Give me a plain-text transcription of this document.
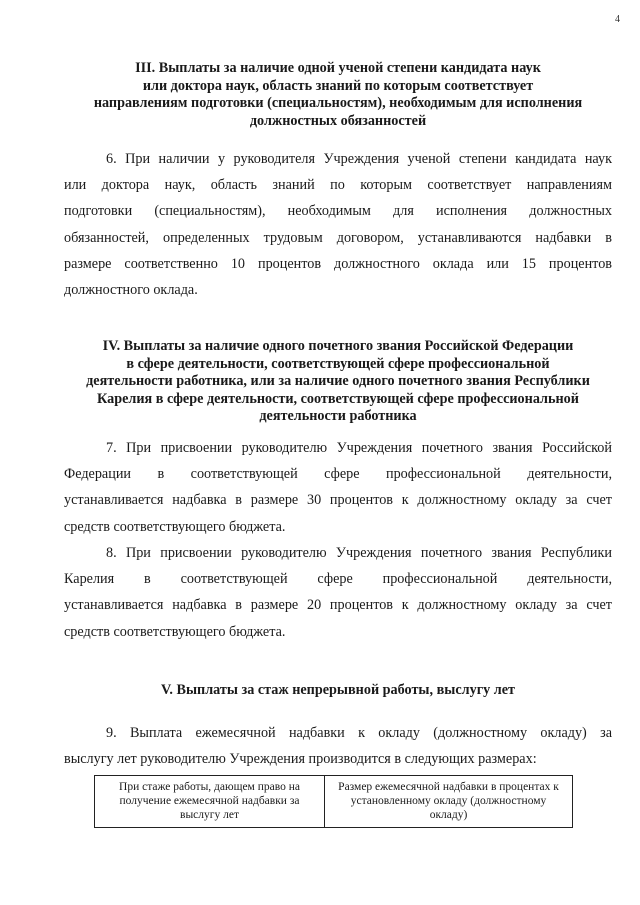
4
III. Выплаты за наличие одной ученой степени кандидата наук
или доктора наук, область знаний по которым соответствует
направлениям подготовки (специальностям), необходимым для исполнения
должностных обязанностей
6. При наличии у руководителя Учреждения ученой степени кандидата наук
или доктора наук, область знаний по которым соответствует направлениям
подготовки (специальностям), необходимым для исполнения должностных
обязанностей, определенных трудовым договором, устанавливаются надбавки в
размере соответственно 10 процентов должностного оклада или 15 процентов
должностного оклада.
IV. Выплаты за наличие одного почетного звания Российской Федерации
в сфере деятельности, соответствующей сфере профессиональной
деятельности работника, или за наличие одного почетного звания Республики
Карелия в сфере деятельности, соответствующей сфере профессиональной
деятельности работника
7. При присвоении руководителю Учреждения почетного звания Российской
Федерации в соответствующей сфере профессиональной деятельности,
устанавливается надбавка в размере 30 процентов к должностному окладу за счет
средств соответствующего бюджета.
8. При присвоении руководителю Учреждения почетного звания Республики
Карелия в соответствующей сфере профессиональной деятельности,
устанавливается надбавка в размере 20 процентов к должностному окладу за счет
средств соответствующего бюджета.
V. Выплаты за стаж непрерывной работы, выслугу лет
9. Выплата ежемесячной надбавки к окладу (должностному окладу) за
выслугу лет руководителю Учреждения производится в следующих размерах:
При стаже работы, дающем право на получение ежемесячной надбавки за выслугу лет	Размер ежемесячной надбавки в процентах к установленному окладу (должностному окладу)
